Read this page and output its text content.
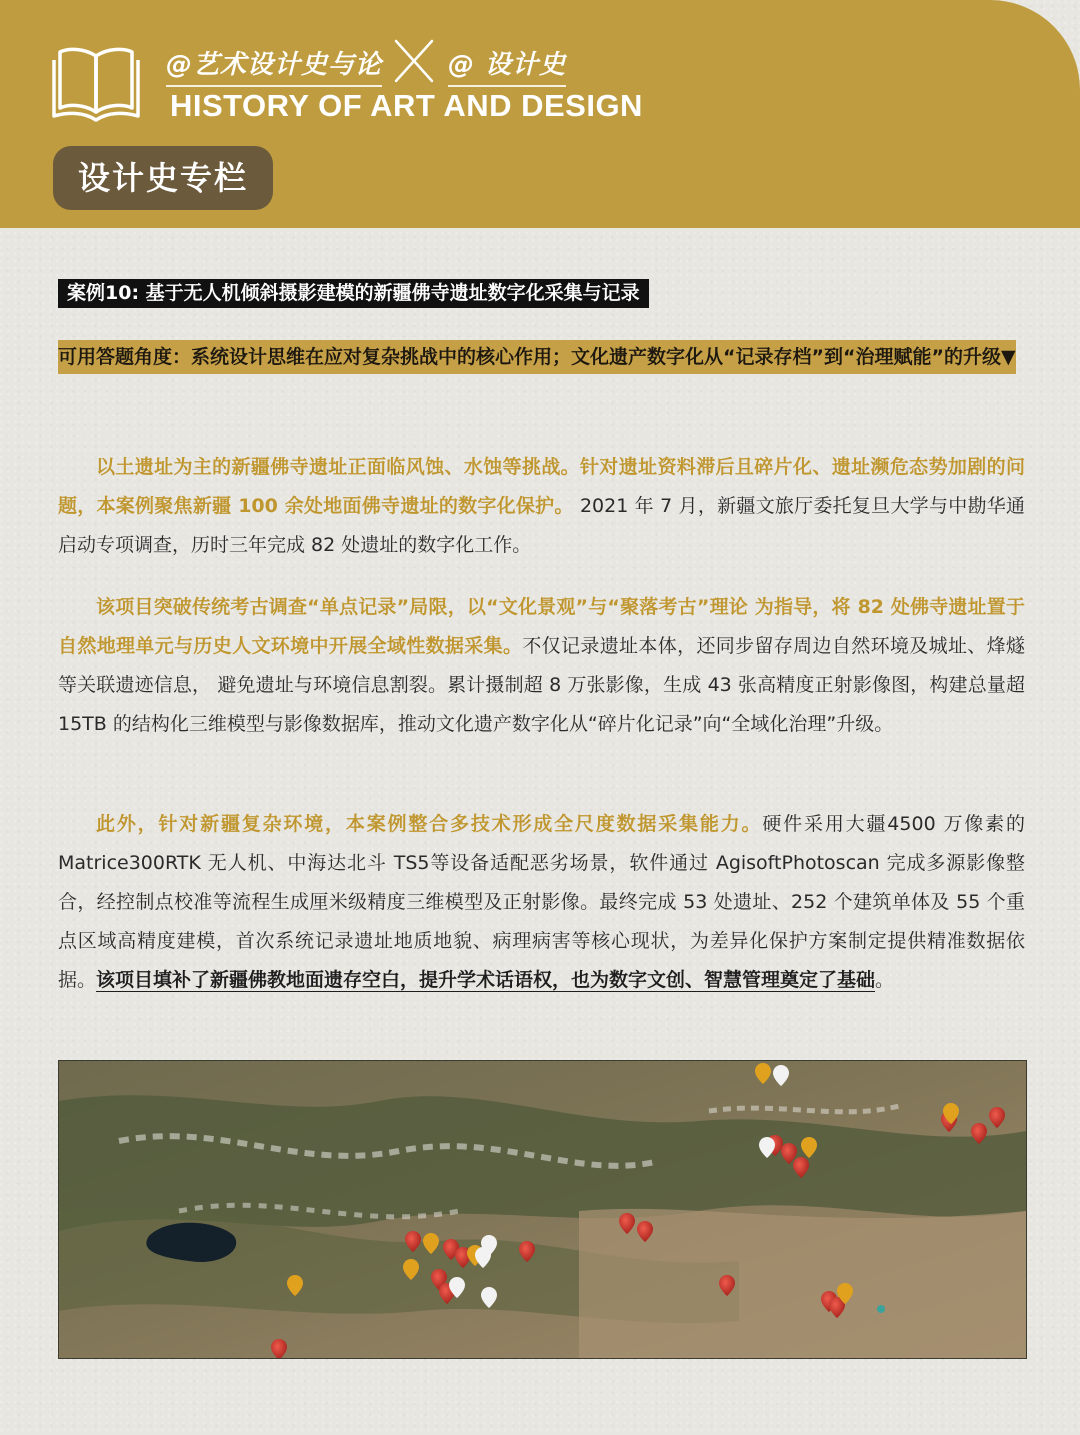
@艺术设计史与论	@ 设计史
HISTORY OF ART AND DESIGN
设计史专栏
案例10: 基于无人机倾斜摄影建模的新疆佛寺遗址数字化采集与记录
可用答题角度：系统设计思维在应对复杂挑战中的核心作用；文化遗产数字化从“记录存档”到“治理赋能”的升级▼

以土遗址为主的新疆佛寺遗址正面临风蚀、水蚀等挑战。针对遗址资料滞后且碎片化、遗址濒危态势加剧的问题，本案例聚焦新疆 100 余处地面佛寺遗址的数字化保护。 2021 年 7 月，新疆文旅厅委托复旦大学与中勘华通启动专项调查，历时三年完成 82 处遗址的数字化工作。

该项目突破传统考古调查“单点记录”局限，以“文化景观”与“聚落考古”理论 为指导，将 82 处佛寺遗址置于自然地理单元与历史人文环境中开展全域性数据采集。不仅记录遗址本体，还同步留存周边自然环境及城址、烽燧等关联遗迹信息， 避免遗址与环境信息割裂。累计摄制超 8 万张影像，生成 43 张高精度正射影像图，构建总量超 15TB 的结构化三维模型与影像数据库，推动文化遗产数字化从“碎片化记录”向“全域化治理”升级。

此外，针对新疆复杂环境，本案例整合多技术形成全尺度数据采集能力。硬件采用大疆4500 万像素的Matrice300RTK 无人机、中海达北斗 TS5等设备适配恶劣场景，软件通过 AgisoftPhotoscan 完成多源影像整合，经控制点校准等流程生成厘米级精度三维模型及正射影像。最终完成 53 处遗址、252 个建筑单体及 55 个重点区域高精度建模，首次系统记录遗址地质地貌、病理病害等核心现状，为差异化保护方案制定提供精准数据依据。该项目填补了新疆佛教地面遗存空白，提升学术话语权，也为数字文创、智慧管理奠定了基础。
